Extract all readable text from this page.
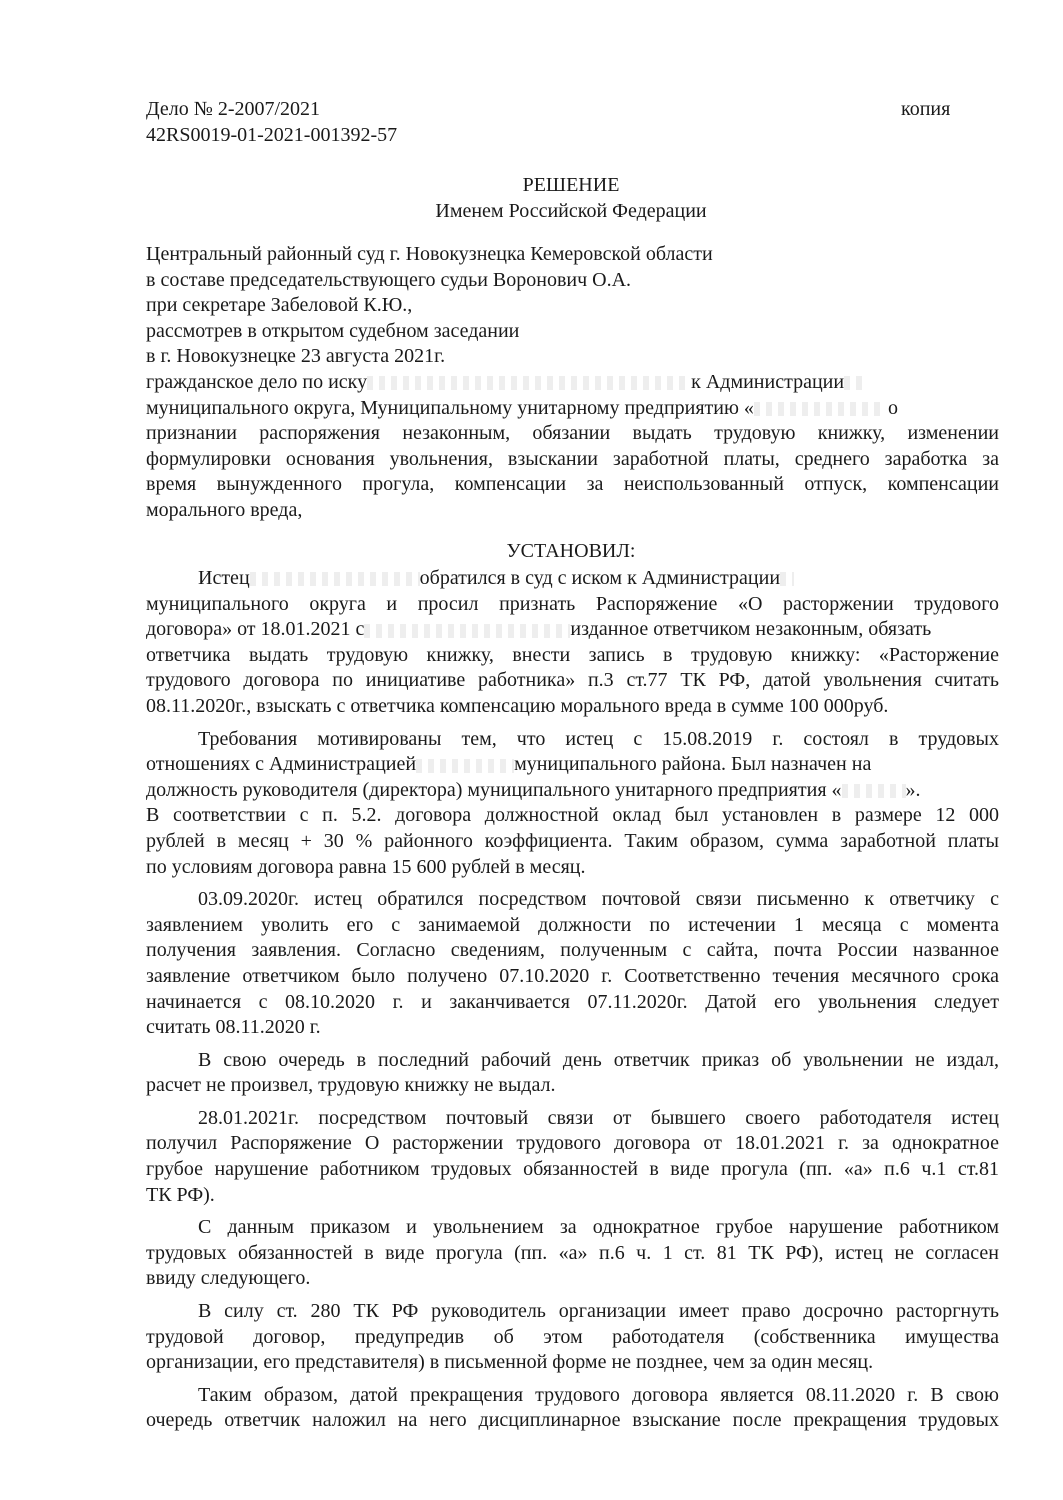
Дело № 2-2007/2021
42RS0019-01-2021-001392-57
копия
РЕШЕНИЕ
Именем Российской Федерации
Центральный районный суд г. Новокузнецка Кемеровской области
в составе председательствующего судьи Воронович О.А.
при секретаре Забеловой К.Ю.,
рассмотрев в открытом судебном заседании
в г. Новокузнецке 23 августа 2021г.
гражданское дело по иску	к Администрации
муниципального округа, Муниципальному унитарному предприятию «	о
признании распоряжения незаконным, обязании выдать трудовую книжку, изменении
формулировки основания увольнения, взыскании заработной платы, среднего заработка за
время вынужденного прогула, компенсации за неиспользованный отпуск, компенсации
морального вреда,
УСТАНОВИЛ:
Истец	обратился в суд с иском к Администрации
муниципального округа и просил признать Распоряжение «О расторжении трудового
договора» от 18.01.2021 с	изданное ответчиком незаконным, обязать
ответчика выдать трудовую книжку, внести запись в трудовую книжку: «Расторжение
трудового договора по инициативе работника» п.3 ст.77 ТК РФ, датой увольнения считать
08.11.2020г., взыскать с ответчика компенсацию морального вреда в сумме 100 000руб.
Требования мотивированы тем, что истец с 15.08.2019 г. состоял в трудовых
отношениях с Администрацией	муниципального района. Был назначен на
должность руководителя (директора) муниципального унитарного предприятия «	».
В соответствии с п. 5.2. договора должностной оклад был установлен в размере 12 000
рублей в месяц + 30 % районного коэффициента. Таким образом, сумма заработной платы
по условиям договора равна 15 600 рублей в месяц.
03.09.2020г. истец обратился посредством почтовой связи письменно к ответчику с
заявлением уволить его с занимаемой должности по истечении 1 месяца с момента
получения заявления. Согласно сведениям, полученным с сайта, почта России названное
заявление ответчиком было получено 07.10.2020 г. Соответственно течения месячного срока
начинается с 08.10.2020 г. и заканчивается 07.11.2020г. Датой его увольнения следует
считать 08.11.2020 г.
В свою очередь в последний рабочий день ответчик приказ об увольнении не издал,
расчет не произвел, трудовую книжку не выдал.
28.01.2021г. посредством почтовый связи от бывшего своего работодателя истец
получил Распоряжение О расторжении трудового договора от 18.01.2021 г. за однократное
грубое нарушение работником трудовых обязанностей в виде прогула (пп. «а» п.6 ч.1 ст.81
ТК РФ).
С данным приказом и увольнением за однократное грубое нарушение работником
трудовых обязанностей в виде прогула (пп. «а» п.6 ч. 1 ст. 81 ТК РФ), истец не согласен
ввиду следующего.
В силу ст. 280 ТК РФ руководитель организации имеет право досрочно расторгнуть
трудовой договор, предупредив об этом работодателя (собственника имущества
организации, его представителя) в письменной форме не позднее, чем за один месяц.
Таким образом, датой прекращения трудового договора является 08.11.2020 г. В свою
очередь ответчик наложил на него дисциплинарное взыскание после прекращения трудовых
